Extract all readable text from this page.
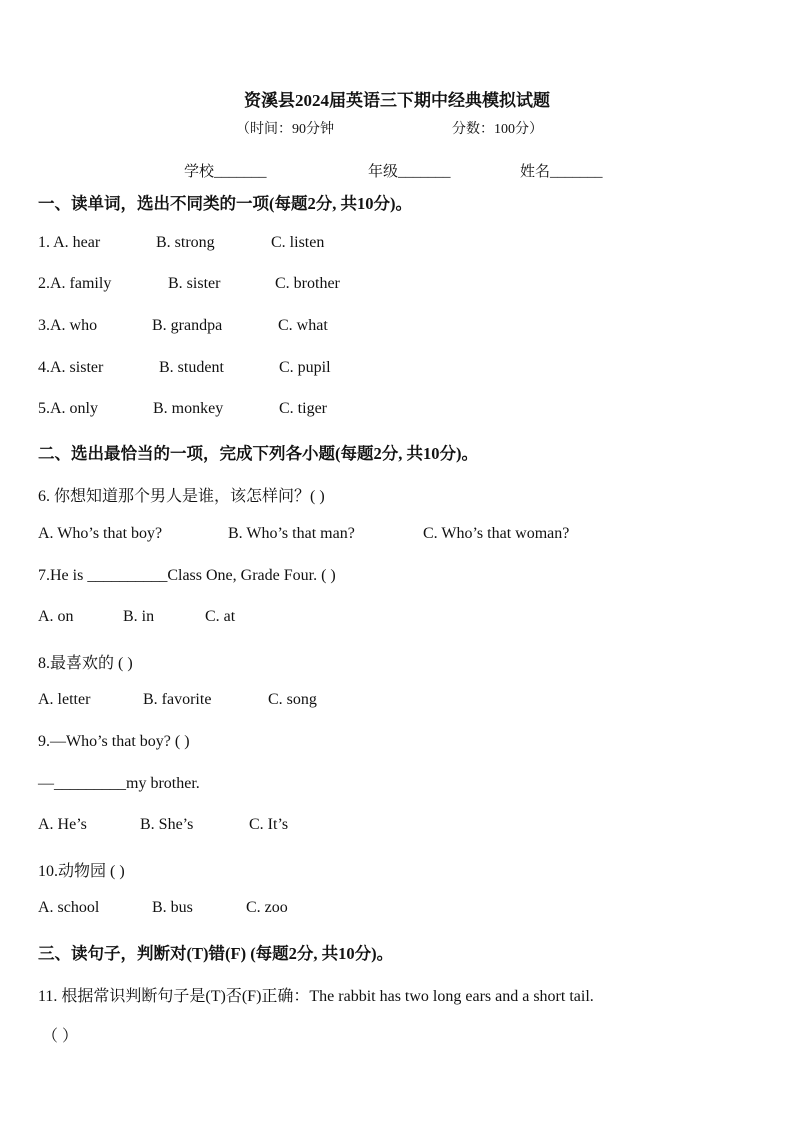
资溪县2024届英语三下期中经典模拟试题
（时间：90分钟	分数：100分）
学校_______	年级_______	姓名_______
一、读单词，选出不同类的一项(每题2分, 共10分)。
1. A. hear	B. strong	C. listen
2.A. family	B. sister	C. brother
3.A. who	B. grandpa	C. what
4.A. sister	B. student	C. pupil
5.A. only	B. monkey	C. tiger
二、选出最恰当的一项，完成下列各小题(每题2分, 共10分)。
6. 你想知道那个男人是谁，该怎样问？( )
A. Who’s that boy?	B. Who’s that man?	C. Who’s that woman?
7.He is __________Class One, Grade Four. ( )
A. on	B. in	C. at
8.最喜欢的 ( )
A. letter	B. favorite	C. song
9.—Who’s that boy? ( )
—_________my brother.
A. He’s	B. She’s	C. It’s
10.动物园 ( )
A. school	B. bus	C. zoo
三、读句子，判断对(T)错(F) (每题2分, 共10分)。
11. 根据常识判断句子是(T)否(F)正确：The rabbit has two long ears and a short tail.
（ ）
